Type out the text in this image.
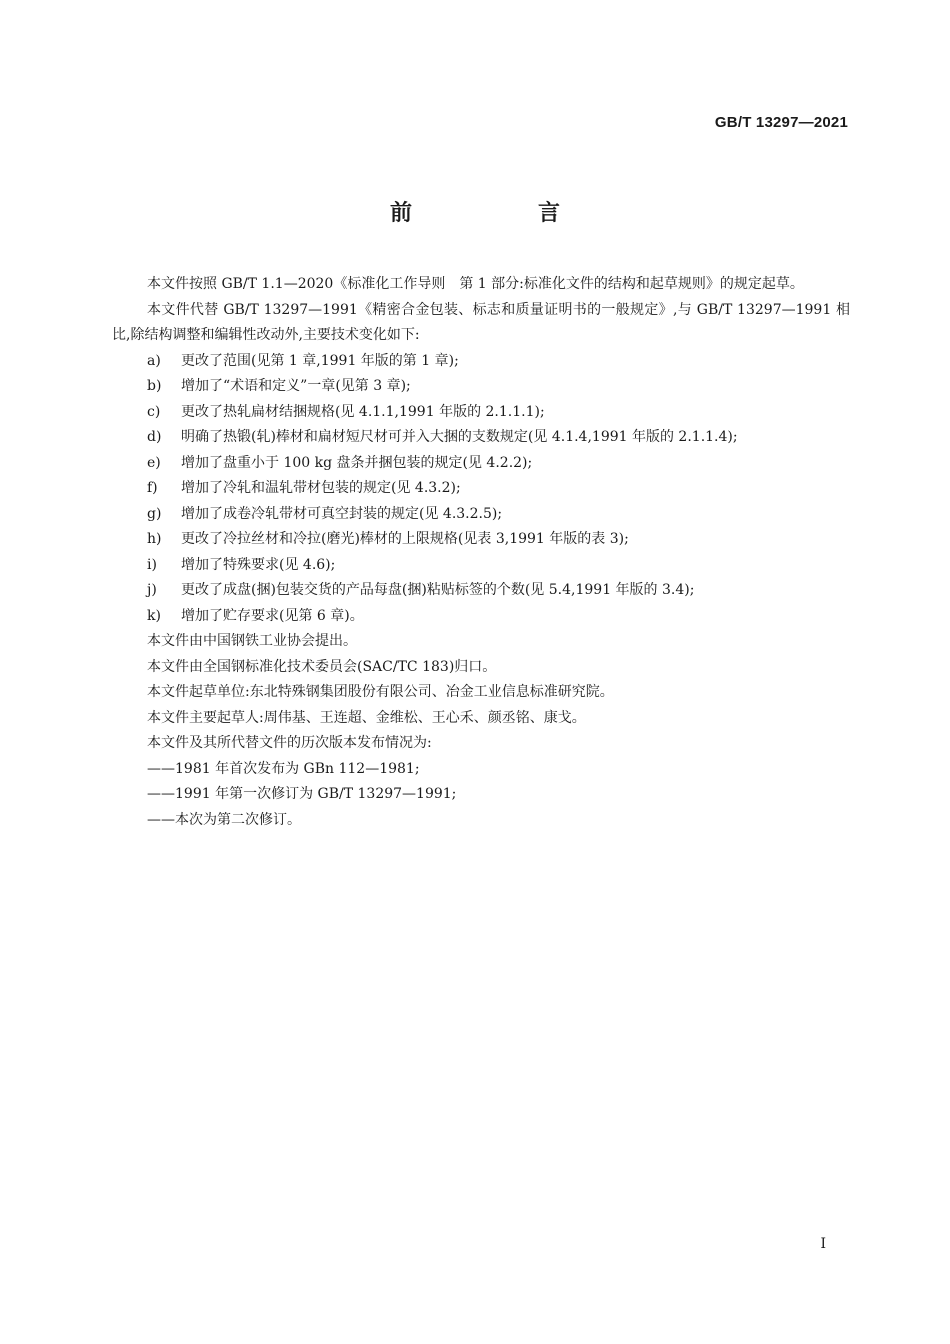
GB/T 13297—2021
前　言

本文件按照 GB/T 1.1—2020《标准化工作导则　第 1 部分:标准化文件的结构和起草规则》的规定起草。

本文件代替 GB/T 13297—1991《精密合金包装、标志和质量证明书的一般规定》,与 GB/T 13297—1991 相比,除结构调整和编辑性改动外,主要技术变化如下:

a)	更改了范围(见第 1 章,1991 年版的第 1 章);

b)	增加了“术语和定义”一章(见第 3 章);

c)	更改了热轧扁材结捆规格(见 4.1.1,1991 年版的 2.1.1.1);

d)	明确了热锻(轧)棒材和扁材短尺材可并入大捆的支数规定(见 4.1.4,1991 年版的 2.1.1.4);

e)	增加了盘重小于 100 kg 盘条并捆包装的规定(见 4.2.2);

f)	增加了冷轧和温轧带材包装的规定(见 4.3.2);

g)	增加了成卷冷轧带材可真空封装的规定(见 4.3.2.5);

h)	更改了冷拉丝材和冷拉(磨光)棒材的上限规格(见表 3,1991 年版的表 3);

i)	增加了特殊要求(见 4.6);

j)	更改了成盘(捆)包装交货的产品每盘(捆)粘贴标签的个数(见 5.4,1991 年版的 3.4);

k)	增加了贮存要求(见第 6 章)。

本文件由中国钢铁工业协会提出。

本文件由全国钢标准化技术委员会(SAC/TC 183)归口。

本文件起草单位:东北特殊钢集团股份有限公司、冶金工业信息标准研究院。

本文件主要起草人:周伟基、王连超、金维松、王心禾、颜丞铭、康戈。

本文件及其所代替文件的历次版本发布情况为:

——1981 年首次发布为 GBn 112—1981;

——1991 年第一次修订为 GB/T 13297—1991;

——本次为第二次修订。

I
